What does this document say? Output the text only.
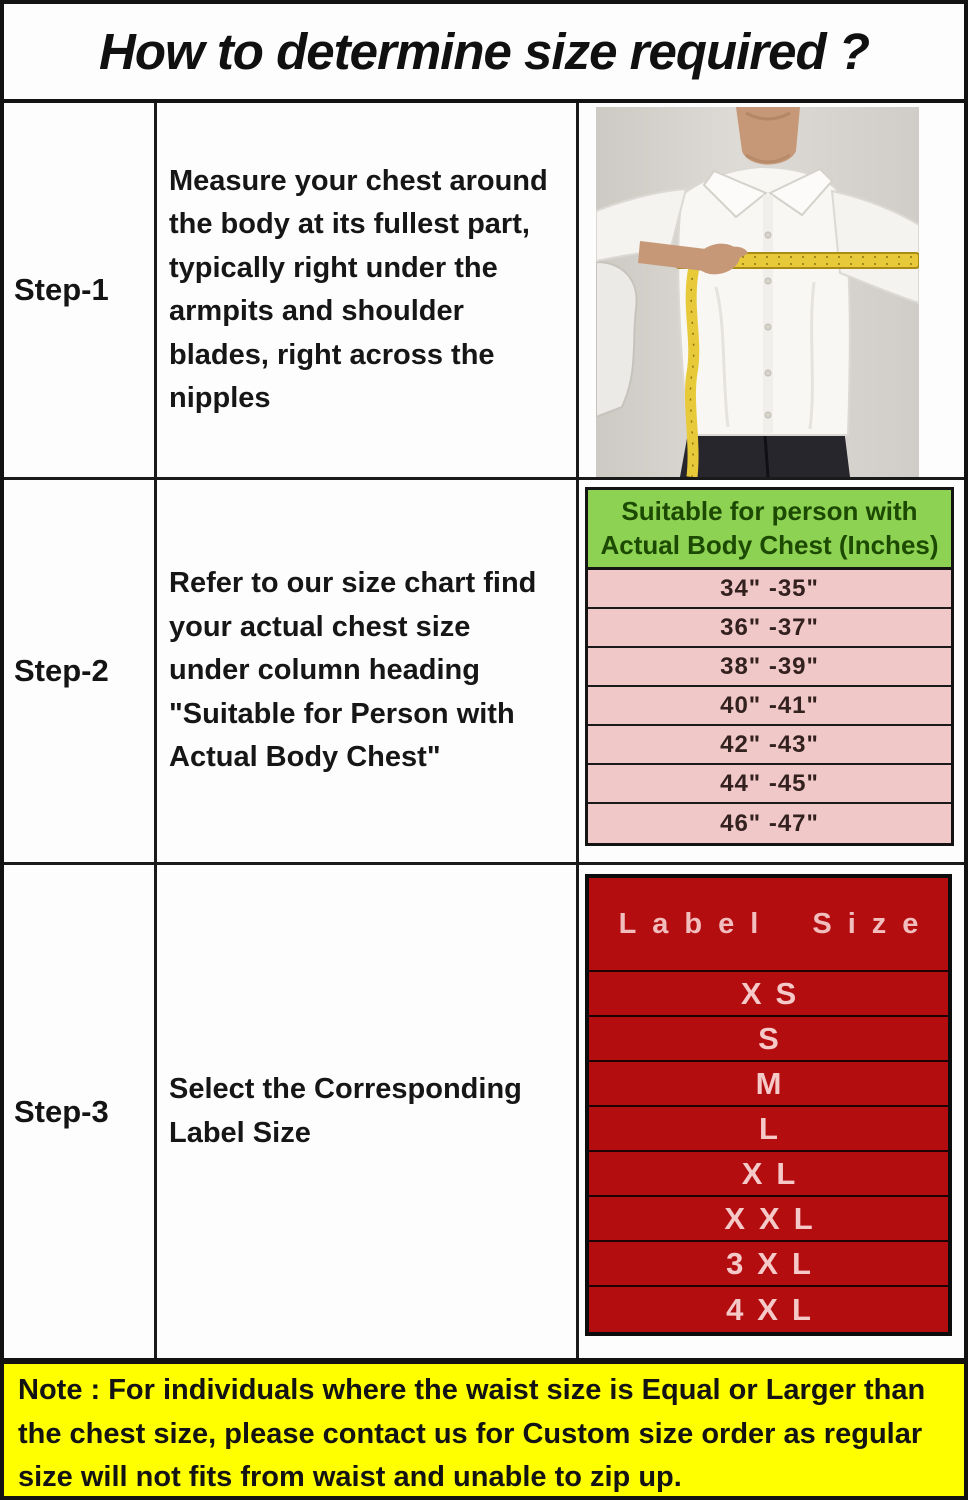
How to determine size required ?
Step-1

Measure your chest around the body at its fullest part, typically right under the armpits and shoulder blades, right across the nipples

Step-2

Refer to our size chart find your actual chest size under column heading "Suitable for Person with Actual Body Chest"

Suitable for person with Actual Body Chest (Inches)
34" -35"
36" -37"
38" -39"
40" -41"
42" -43"
44" -45"
46" -47"
Step-3

Select the Corresponding Label Size

Label Size
XS
S
M
L
XL
XXL
3XL
4XL

Note : For individuals where the waist size is Equal or Larger than the chest size, please contact us for Custom size order as regular size will not fits from waist and unable to zip up.
